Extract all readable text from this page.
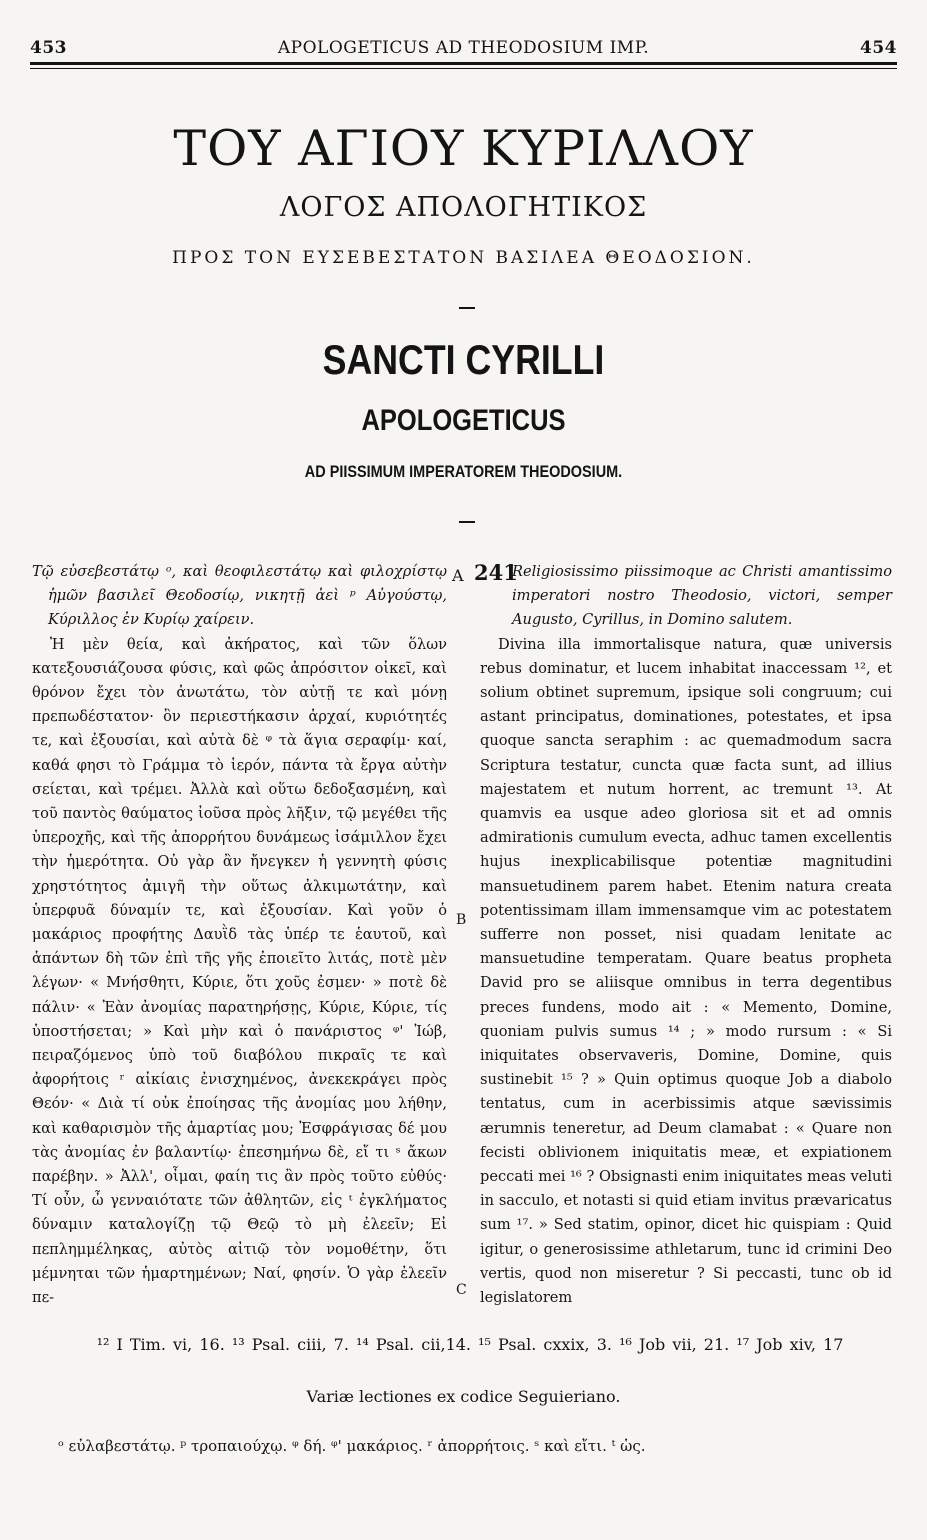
453	APOLOGETICUS AD THEODOSIUM IMP.	454
ΤΟΥ ΑΓΙΟΥ ΚΥΡΙΛΛΟΥ
ΛΟΓΟΣ ΑΠΟΛΟΓΗΤΙΚΟΣ
ΠΡΟΣ ΤΟΝ ΕΥΣΕΒΕΣΤΑΤΟΝ ΒΑΣΙΛΕΑ ΘΕΟΔΟΣΙΟΝ.
SANCTI CYRILLI
APOLOGETICUS
AD PIISSIMUM IMPERATOREM THEODOSIUM.

Τῷ εὐσεβεστάτῳ ᵒ, καὶ θεοφιλεστάτῳ καὶ φιλοχρίστῳ ἡμῶν βασιλεῖ Θεοδοσίῳ, νικητῇ ἀεὶ ᵖ Αὐγούστῳ, Κύριλλος ἐν Κυρίῳ χαίρειν.

Ἡ μὲν θεία, καὶ ἀκήρατος, καὶ τῶν ὅλων κατεξουσιάζουσα φύσις, καὶ φῶς ἀπρόσιτον οἰκεῖ, καὶ θρόνον ἔχει τὸν ἀνωτάτω, τὸν αὐτῇ τε καὶ μόνῃ πρεπωδέστατον· ὃν περιεστήκασιν ἀρχαί, κυριότητές τε, καὶ ἐξουσίαι, καὶ αὐτὰ δὲ ᵠ τὰ ἅγια σεραφίμ· καί, καθά φησι τὸ Γράμμα τὸ ἱερόν, πάντα τὰ ἔργα αὐτὴν σείεται, καὶ τρέμει. Ἀλλὰ καὶ οὕτω δεδοξασμένη, καὶ τοῦ παντὸς θαύματος ἰοῦσα πρὸς λῆξιν, τῷ μεγέθει τῆς ὑπεροχῆς, καὶ τῆς ἀπορρήτου δυνάμεως ἰσάμιλλον ἔχει τὴν ἡμερότητα. Οὐ γὰρ ἂν ἤνεγκεν ἡ γεννητὴ φύσις χρηστότητος ἀμιγῆ τὴν οὕτως ἀλκιμωτάτην, καὶ ὑπερφυᾶ δύναμίν τε, καὶ ἐξουσίαν. Καὶ γοῦν ὁ μακάριος προφήτης Δαυῒδ τὰς ὑπέρ τε ἑαυτοῦ, καὶ ἁπάντων δὴ τῶν ἐπὶ τῆς γῆς ἐποιεῖτο λιτάς, ποτὲ μὲν λέγων· « Μνήσθητι, Κύριε, ὅτι χοῦς ἐσμεν· » ποτὲ δὲ πάλιν· « Ἐὰν ἀνομίας παρατηρήσῃς, Κύριε, Κύριε, τίς ὑποστήσεται; » Καὶ μὴν καὶ ὁ πανάριστος ᵠ' Ἰώβ, πειραζόμενος ὑπὸ τοῦ διαβόλου πικραῖς τε καὶ ἀφορήτοις ʳ αἰκίαις ἐνισχημένος, ἀνεκεκράγει πρὸς Θεόν· « Διὰ τί οὐκ ἐποίησας τῆς ἀνομίας μου λήθην, καὶ καθαρισμὸν τῆς ἁμαρτίας μου; Ἐσφράγισας δέ μου τὰς ἀνομίας ἐν βαλαντίῳ· ἐπεσημήνω δὲ, εἴ τι ˢ ἄκων παρέβην. » Ἀλλ', οἶμαι, φαίη τις ἂν πρὸς τοῦτο εὐθύς· Τί οὖν, ὦ γενναιότατε τῶν ἀθλητῶν, εἰς ᵗ ἐγκλήματος δύναμιν καταλογίζῃ τῷ Θεῷ τὸ μὴ ἐλεεῖν; Εἰ πεπλημμέληκας, αὐτὸς αἰτιῷ τὸν νομοθέτην, ὅτι μέμνηται τῶν ἡμαρτημένων; Ναί, φησίν. Ὁ γὰρ ἐλεεῖν πε-

A 241
B
C

Religiosissimo piissimoque ac Christi amantissimo imperatori nostro Theodosio, victori, semper Augusto, Cyrillus, in Domino salutem.

Divina illa immortalisque natura, quæ universis rebus dominatur, et lucem inhabitat inaccessam ¹², et solium obtinet supremum, ipsique soli congruum; cui astant principatus, dominationes, potestates, et ipsa quoque sancta seraphim : ac quemadmodum sacra Scriptura testatur, cuncta quæ facta sunt, ad illius majestatem et nutum horrent, ac tremunt ¹³. At quamvis ea usque adeo gloriosa sit et ad omnis admirationis cumulum evecta, adhuc tamen excellentis hujus inexplicabilisque potentiæ magnitudini mansuetudinem parem habet. Etenim natura creata potentissimam illam immensamque vim ac potestatem sufferre non posset, nisi quadam lenitate ac mansuetudine temperatam. Quare beatus propheta David pro se aliisque omnibus in terra degentibus preces fundens, modo ait : « Memento, Domine, quoniam pulvis sumus ¹⁴ ; » modo rursum : « Si iniquitates observaveris, Domine, Domine, quis sustinebit ¹⁵ ? » Quin optimus quoque Job a diabolo tentatus, cum in acerbissimis atque sævissimis ærumnis teneretur, ad Deum clamabat : « Quare non fecisti oblivionem iniquitatis meæ, et expiationem peccati mei ¹⁶ ? Obsignasti enim iniquitates meas veluti in sacculo, et notasti si quid etiam invitus prævaricatus sum ¹⁷. » Sed statim, opinor, dicet hic quispiam : Quid igitur, o generosissime athletarum, tunc id crimini Deo vertis, quod non miseretur ? Si peccasti, tunc ob id legislatorem

¹² I Tim. vi, 16. ¹³ Psal. ciii, 7. ¹⁴ Psal. cii,14. ¹⁵ Psal. cxxix, 3. ¹⁶ Job vii, 21. ¹⁷ Job xiv, 17
Variæ lectiones ex codice Seguieriano.
ᵒ εὐλαβεστάτῳ. ᵖ τροπαιούχῳ. ᵠ δή. ᵠ' μακάριος. ʳ ἀπορρήτοις. ˢ καὶ εἴτι. ᵗ ὡς.
